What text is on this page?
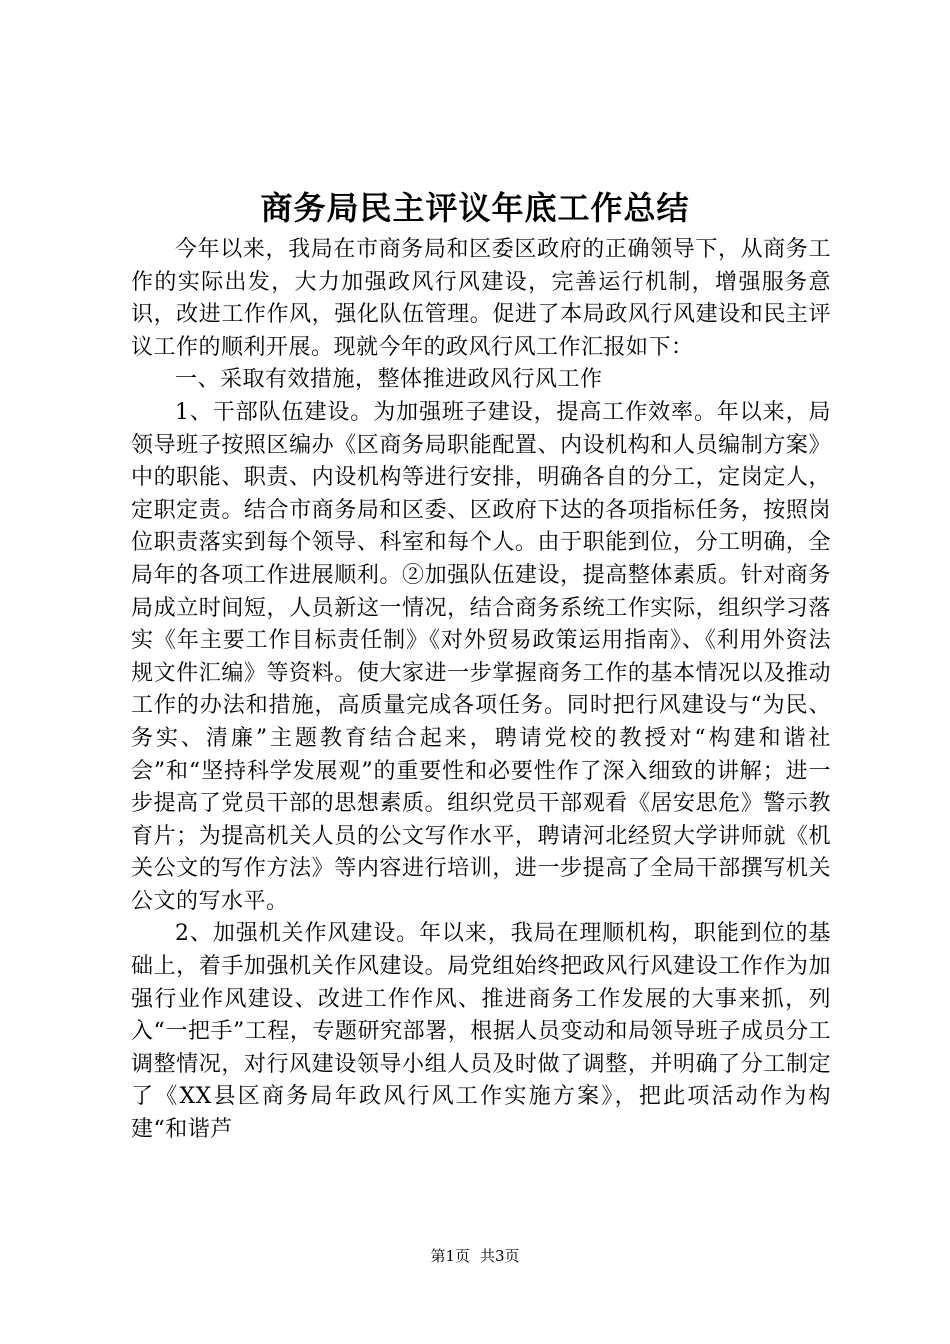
商务局民主评议年底工作总结

今年以来，我局在市商务局和区委区政府的正确领导下，从商务工作的实际出发，大力加强政风行风建设，完善运行机制，增强服务意识，改进工作作风，强化队伍管理。促进了本局政风行风建设和民主评议工作的顺利开展。现就今年的政风行风工作汇报如下：

一、采取有效措施，整体推进政风行风工作

1、干部队伍建设。为加强班子建设，提高工作效率。年以来，局领导班子按照区编办《区商务局职能配置、内设机构和人员编制方案》中的职能、职责、内设机构等进行安排，明确各自的分工，定岗定人，定职定责。结合市商务局和区委、区政府下达的各项指标任务，按照岗位职责落实到每个领导、科室和每个人。由于职能到位，分工明确，全局年的各项工作进展顺利。②加强队伍建设，提高整体素质。针对商务局成立时间短，人员新这一情况，结合商务系统工作实际，组织学习落实《年主要工作目标责任制》《对外贸易政策运用指南》、《利用外资法规文件汇编》等资料。使大家进一步掌握商务工作的基本情况以及推动工作的办法和措施，高质量完成各项任务。同时把行风建设与“为民、务实、清廉”主题教育结合起来，聘请党校的教授对“构建和谐社会”和“坚持科学发展观”的重要性和必要性作了深入细致的讲解；进一步提高了党员干部的思想素质。组织党员干部观看《居安思危》警示教育片；为提高机关人员的公文写作水平，聘请河北经贸大学讲师就《机关公文的写作方法》等内容进行培训，进一步提高了全局干部撰写机关公文的写水平。

2、加强机关作风建设。年以来，我局在理顺机构，职能到位的基础上，着手加强机关作风建设。局党组始终把政风行风建设工作作为加强行业作风建设、改进工作作风、推进商务工作发展的大事来抓，列入“一把手”工程，专题研究部署，根据人员变动和局领导班子成员分工调整情况，对行风建设领导小组人员及时做了调整，并明确了分工制定了《XX县区商务局年政风行风工作实施方案》，把此项活动作为构建“和谐芦

第1页 共3页
